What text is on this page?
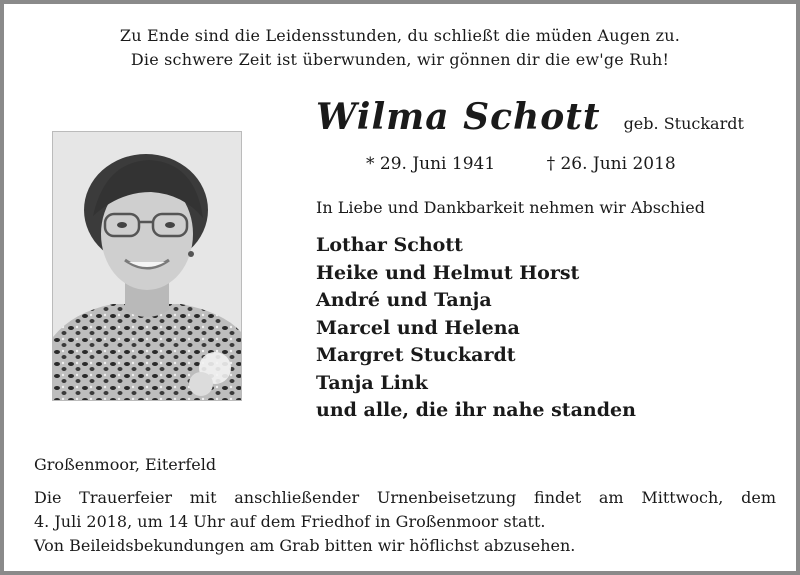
Zu Ende sind die Leidensstunden, du schließt die müden Augen zu.
Die schwere Zeit ist überwunden, wir gönnen dir die ew'ge Ruh!
Wilma Schott geb. Stuckardt
* 29. Juni 1941	† 26. Juni 2018
In Liebe und Dankbarkeit nehmen wir Abschied
Lothar Schott
Heike und Helmut Horst
André und Tanja
Marcel und Helena
Margret Stuckardt
Tanja Link
und alle, die ihr nahe standen
Großenmoor, Eiterfeld
Die Trauerfeier mit anschließender Urnenbeisetzung findet am Mittwoch, dem
4. Juli 2018, um 14 Uhr auf dem Friedhof in Großenmoor statt.
Von Beileidsbekundungen am Grab bitten wir höflichst abzusehen.
